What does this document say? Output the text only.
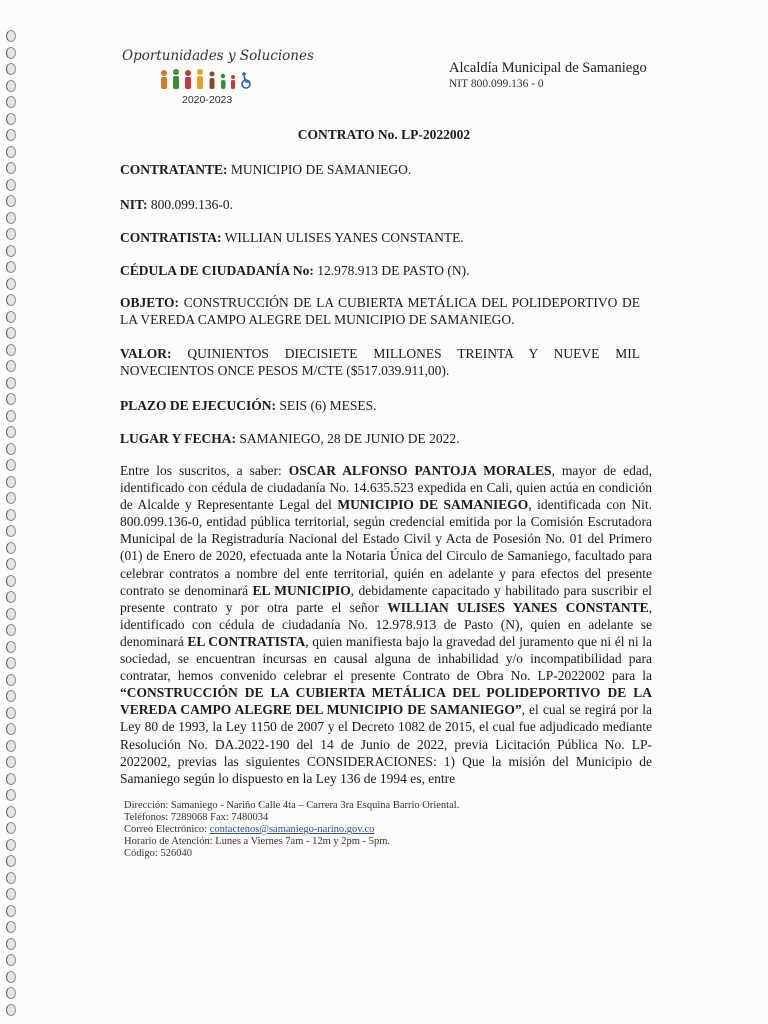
Oportunidades y Soluciones
2020-2023
Alcaldía Municipal de Samaniego
NIT 800.099.136 - 0
CONTRATO No. LP-2022002
CONTRATANTE: MUNICIPIO DE SAMANIEGO.
NIT: 800.099.136-0.
CONTRATISTA: WILLIAN ULISES YANES CONSTANTE.
CÉDULA DE CIUDADANÍA No: 12.978.913 DE PASTO (N).
OBJETO: CONSTRUCCIÓN DE LA CUBIERTA METÁLICA DEL POLIDEPORTIVO DE LA VEREDA CAMPO ALEGRE DEL MUNICIPIO DE SAMANIEGO.
VALOR: QUINIENTOS DIECISIETE MILLONES TREINTA Y NUEVE MIL NOVECIENTOS ONCE PESOS M/CTE ($517.039.911,00).
PLAZO DE EJECUCIÓN: SEIS (6) MESES.
LUGAR Y FECHA: SAMANIEGO, 28 DE JUNIO DE 2022.
Entre los suscritos, a saber: OSCAR ALFONSO PANTOJA MORALES, mayor de edad, identificado con cédula de ciudadanía No. 14.635.523 expedida en Cali, quien actúa en condición de Alcalde y Representante Legal del MUNICIPIO DE SAMANIEGO, identificada con Nit. 800.099.136-0, entidad pública territorial, según credencial emitida por la Comisión Escrutadora Municipal de la Registraduría Nacional del Estado Civil y Acta de Posesión No. 01 del Primero (01) de Enero de 2020, efectuada ante la Notaria Única del Circulo de Samaniego, facultado para celebrar contratos a nombre del ente territorial, quién en adelante y para efectos del presente contrato se denominará EL MUNICIPIO, debidamente capacitado y habilitado para suscribir el presente contrato y por otra parte el señor WILLIAN ULISES YANES CONSTANTE, identificado con cédula de ciudadanía No. 12.978.913 de Pasto (N), quien en adelante se denominará EL CONTRATISTA, quien manifiesta bajo la gravedad del juramento que ni él ni la sociedad, se encuentran incursas en causal alguna de inhabilidad y/o incompatibilidad para contratar, hemos convenido celebrar el presente Contrato de Obra No. LP-2022002 para la “CONSTRUCCIÓN DE LA CUBIERTA METÁLICA DEL POLIDEPORTIVO DE LA VEREDA CAMPO ALEGRE DEL MUNICIPIO DE SAMANIEGO”, el cual se regirá por la Ley 80 de 1993, la Ley 1150 de 2007 y el Decreto 1082 de 2015, el cual fue adjudicado mediante Resolución No. DA.2022-190 del 14 de Junio de 2022, previa Licitación Pública No. LP-2022002, previas las siguientes CONSIDERACIONES: 1) Que la misión del Municipio de Samaniego según lo dispuesto en la Ley 136 de 1994 es, entre
Dirección: Samaniego - Nariño Calle 4ta – Carrera 3ra Esquina Barrio Oriental.
Teléfonos: 7289068 Fax: 7480034
Correo Electrónico: contactenos@samaniego-narino.gov.co
Horario de Atención: Lunes a Viernes 7am - 12m y 2pm - 5pm.
Código: 526040
